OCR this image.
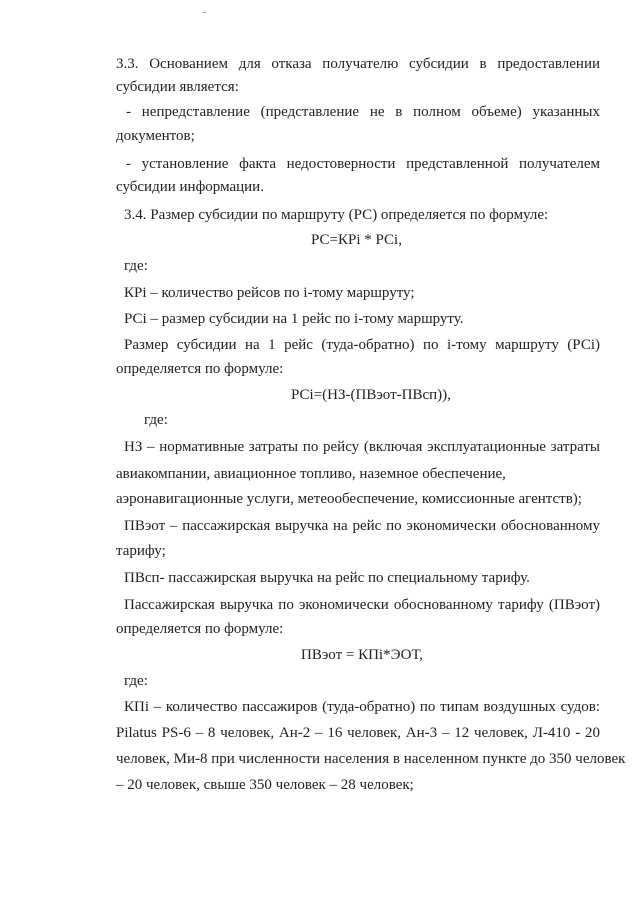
3.3. Основанием для отказа получателю субсидии в предоставлении
субсидии является:
- непредставление (представление не в полном объеме) указанных
документов;
- установление факта недостоверности представленной получателем
субсидии информации.
3.4. Размер субсидии по маршруту (РС) определяется по формуле:
РС=КРi * РСi,
где:
КРi – количество рейсов по i-тому маршруту;
РСi – размер субсидии на 1 рейс по i-тому маршруту.
Размер субсидии на 1 рейс (туда-обратно) по i-тому маршруту (РСi)
определяется по формуле:
РСi=(НЗ-(ПВэот-ПВсп)),
где:
НЗ – нормативные затраты по рейсу (включая эксплуатационные затраты
авиакомпании, авиационное топливо, наземное обеспечение,
аэронавигационные услуги, метеообеспечение, комиссионные агентств);
ПВэот – пассажирская выручка на рейс по экономически обоснованному
тарифу;
ПВсп- пассажирская выручка на рейс по специальному тарифу.
Пассажирская выручка по экономически обоснованному тарифу (ПВэот)
определяется по формуле:
ПВэот = КПi*ЭОТ,
где:
КПi – количество пассажиров (туда-обратно) по типам воздушных судов:
Pilatus PS-6 – 8 человек, Ан-2 – 16 человек, Ан-3 – 12 человек, Л-410 - 20
человек, Ми-8 при численности населения в населенном пункте до 350 человек
– 20 человек, свыше 350 человек – 28 человек;
